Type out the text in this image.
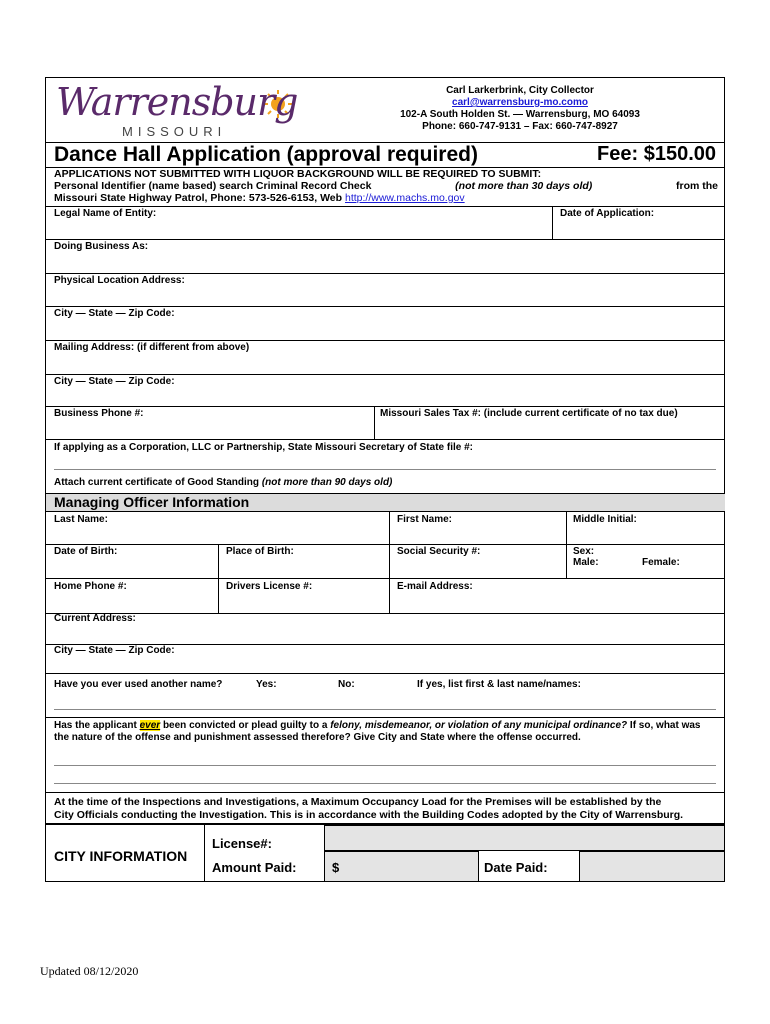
Warrensburg
MISSOURI
Carl Larkerbrink, City Collector
carl@warrensburg-mo.como
102-A South Holden St. — Warrensburg, MO 64093
Phone: 660-747-9131 – Fax: 660-747-8927
Dance Hall Application (approval required)	Fee: $150.00
APPLICATIONS NOT SUBMITTED WITH LIQUOR BACKGROUND WILL BE REQUIRED TO SUBMIT:
Personal Identifier (name based) search Criminal Record Check	(not more than 30 days old)	from the
Missouri State Highway Patrol, Phone: 573-526-6153, Web http://www.machs.mo.gov
Legal Name of Entity:	Date of Application:
Doing Business As:
Physical Location Address:
City — State — Zip Code:
Mailing Address: (if different from above)
City — State — Zip Code:
Business Phone #:	Missouri Sales Tax #: (include current certificate of no tax due)
If applying as a Corporation, LLC or Partnership, State Missouri Secretary of State file #:
Attach current certificate of Good Standing (not more than 90 days old)
Managing Officer Information
Last Name:	First Name:	Middle Initial:
Date of Birth:	Place of Birth:	Social Security #:	Sex:
Male:	Female:
Home Phone #:	Drivers License #:	E-mail Address:
Current Address:
City — State — Zip Code:
Have you ever used another name?	Yes:	No:	If yes, list first & last name/names:
Has the applicant ever been convicted or plead guilty to a felony, misdemeanor, or violation of any municipal ordinance? If so, what was
the nature of the offense and punishment assessed therefore? Give City and State where the offense occurred.
At the time of the Inspections and Investigations, a Maximum Occupancy Load for the Premises will be established by the
City Officials conducting the Investigation. This is in accordance with the Building Codes adopted by the City of Warrensburg.
CITY INFORMATION
License#:
Amount Paid:	$	Date Paid:
Updated 08/12/2020
